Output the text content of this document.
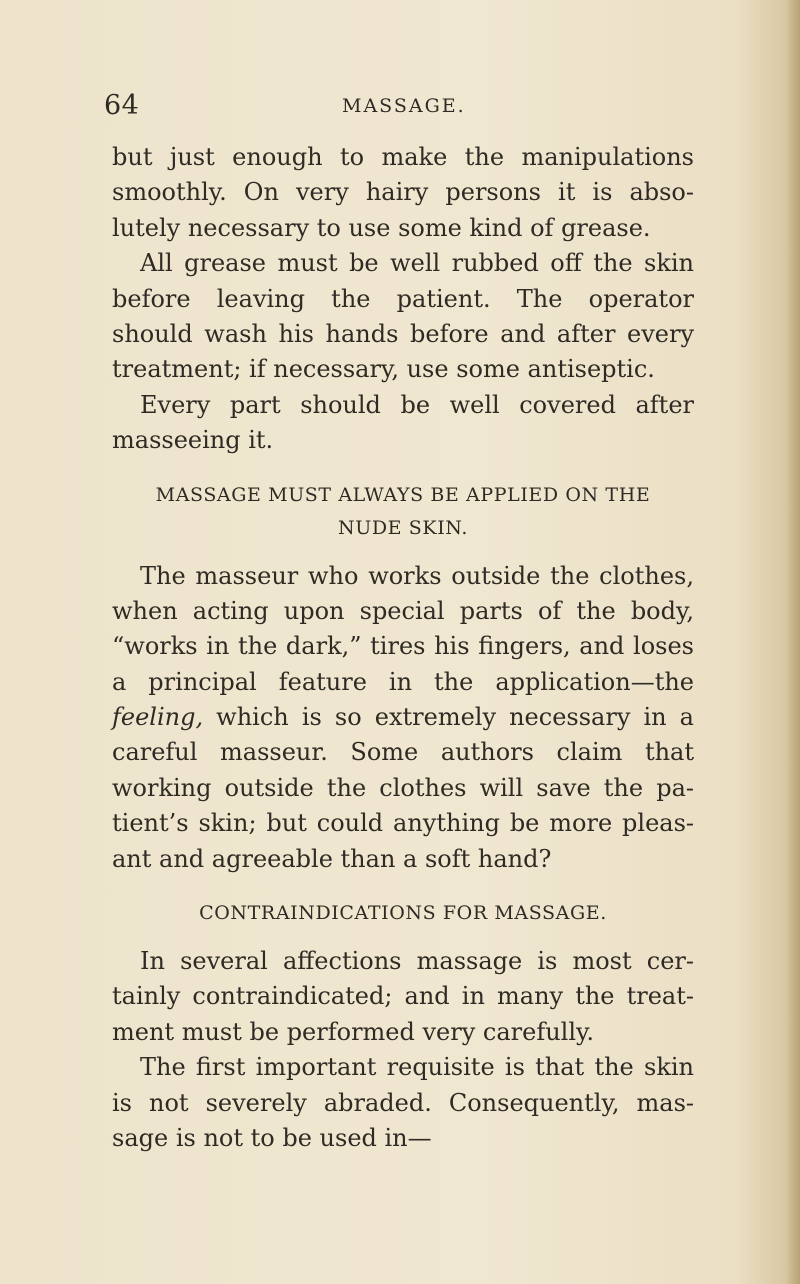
64	MASSAGE.
but just enough to make the manipulations
smoothly. On very hairy persons it is abso-
lutely necessary to use some kind of grease.
All grease must be well rubbed off the skin
before leaving the patient. The operator
should wash his hands before and after every
treatment; if necessary, use some antiseptic.
Every part should be well covered after
masseeing it.
MASSAGE MUST ALWAYS BE APPLIED ON THE
NUDE SKIN.
The masseur who works outside the clothes,
when acting upon special parts of the body,
“works in the dark,” tires his fingers, and loses
a principal feature in the application—the
feeling, which is so extremely necessary in a
careful masseur. Some authors claim that
working outside the clothes will save the pa-
tient’s skin; but could anything be more pleas-
ant and agreeable than a soft hand?
CONTRAINDICATIONS FOR MASSAGE.
In several affections massage is most cer-
tainly contraindicated; and in many the treat-
ment must be performed very carefully.
The first important requisite is that the skin
is not severely abraded. Consequently, mas-
sage is not to be used in—
